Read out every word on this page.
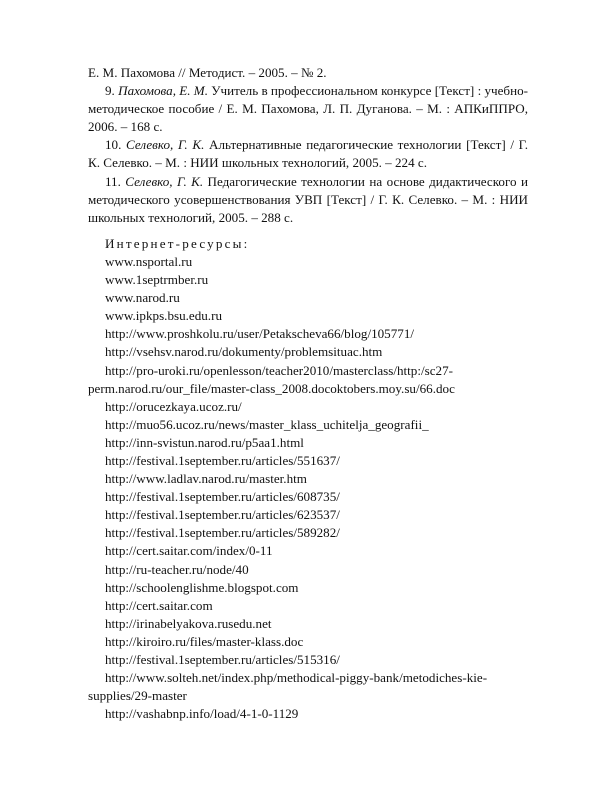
Е. М. Пахомова // Методист. – 2005. – № 2.

9. Пахомова, Е. М. Учитель в профессиональном конкурсе [Текст] : учебно-методическое пособие / Е. М. Пахомова, Л. П. Дуганова. – М. : АПКиППРО, 2006. – 168 с.

10. Селевко, Г. К. Альтернативные педагогические технологии [Текст] / Г. К. Селевко. – М. : НИИ школьных технологий, 2005. – 224 с.

11. Селевко, Г. К. Педагогические технологии на основе дидактического и методического усовершенствования УВП [Текст] / Г. К. Селевко. – М. : НИИ школьных технологий, 2005. – 288 с.

Интернет-ресурсы:

www.nsportal.ru

www.1septrmber.ru

www.narod.ru

www.ipkps.bsu.edu.ru

http://www.proshkolu.ru/user/Petakscheva66/blog/105771/

http://vsehsv.narod.ru/dokumenty/problemsituac.htm

http://pro-uroki.ru/openlesson/teacher2010/masterclass/http:/sc27-perm.narod.ru/our_file/master-class_2008.docoktobers.moy.su/66.doc

http://orucezkaya.ucoz.ru/

http://muo56.ucoz.ru/news/master_klass_uchitelja_geografii_

http://inn-svistun.narod.ru/p5aa1.html

http://festival.1september.ru/articles/551637/

http://www.ladlav.narod.ru/master.htm

http://festival.1september.ru/articles/608735/

http://festival.1september.ru/articles/623537/

http://festival.1september.ru/articles/589282/

http://cert.saitar.com/index/0-11

http://ru-teacher.ru/node/40

http://schoolenglishme.blogspot.com

http://cert.saitar.com

http://irinabelyakova.rusedu.net

http://kiroiro.ru/files/master-klass.doc

http://festival.1september.ru/articles/515316/

http://www.solteh.net/index.php/methodical-piggy-bank/metodiches-kie-supplies/29-master

http://vashabnp.info/load/4-1-0-1129
